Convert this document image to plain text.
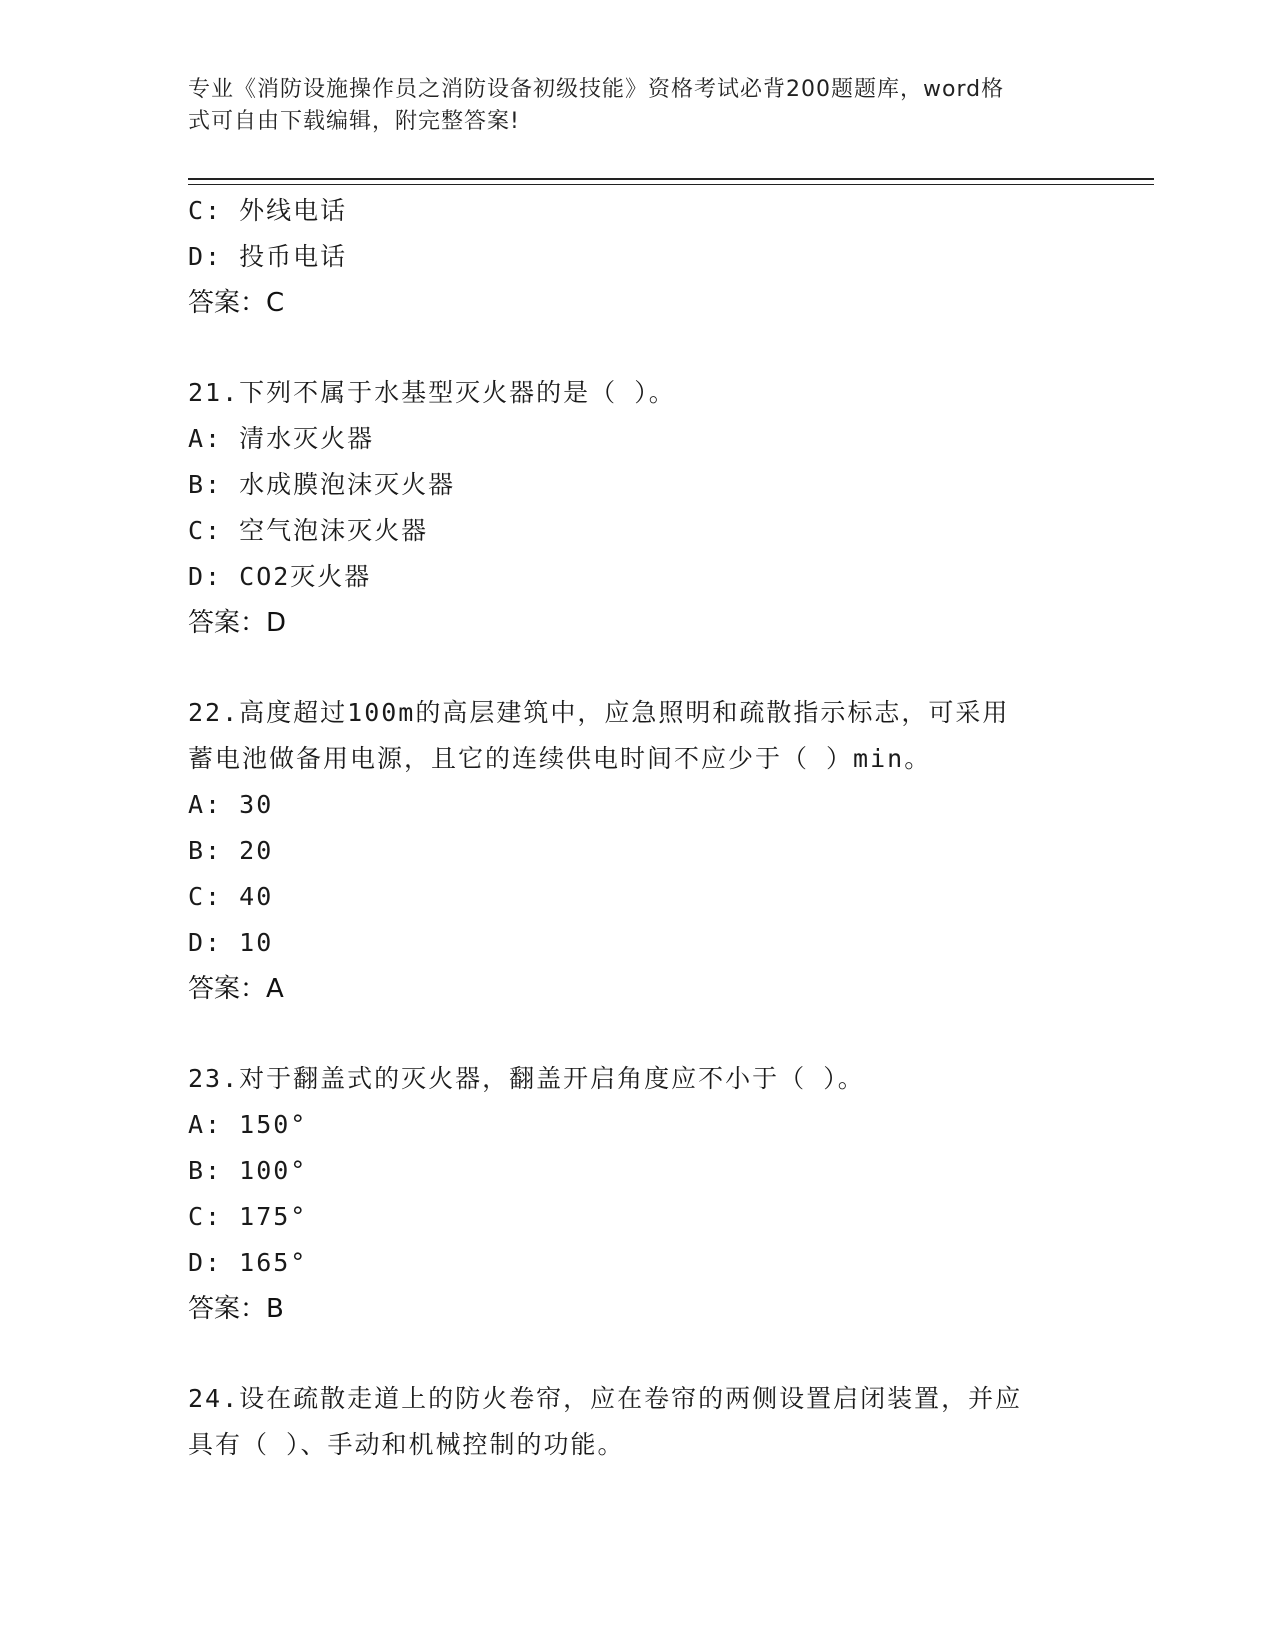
专业《消防设施操作员之消防设备初级技能》资格考试必背200题题库，word格
式可自由下载编辑，附完整答案!
C: 外线电话
D: 投币电话
答案：C
21.下列不属于水基型灭火器的是（ ）。
A: 清水灭火器
B: 水成膜泡沫灭火器
C: 空气泡沫灭火器
D: CO2灭火器
答案：D
22.高度超过100m的高层建筑中，应急照明和疏散指示标志，可采用
蓄电池做备用电源，且它的连续供电时间不应少于（ ）min。
A: 30
B: 20
C: 40
D: 10
答案：A
23.对于翻盖式的灭火器，翻盖开启角度应不小于（ ）。
A: 150°
B: 100°
C: 175°
D: 165°
答案：B
24.设在疏散走道上的防火卷帘，应在卷帘的两侧设置启闭装置，并应
具有（ ）、手动和机械控制的功能。
